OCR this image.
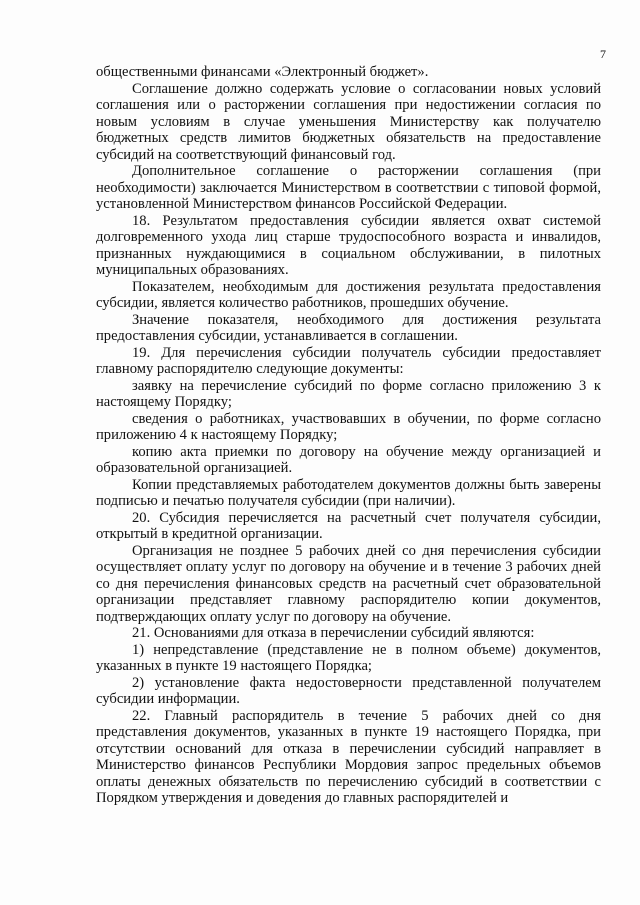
7

общественными финансами «Электронный бюджет».

Соглашение должно содержать условие о согласовании новых условий соглашения или о расторжении соглашения при недостижении согласия по новым условиям в случае уменьшения Министерству как получателю бюджетных средств лимитов бюджетных обязательств на предоставление субсидий на соответствующий финансовый год.

Дополнительное соглашение о расторжении соглашения (при необходимости) заключается Министерством в соответствии с типовой формой, установленной Министерством финансов Российской Федерации.

18. Результатом предоставления субсидии является охват системой долговременного ухода лиц старше трудоспособного возраста и инвалидов, признанных нуждающимися в социальном обслуживании, в пилотных муниципальных образованиях.

Показателем, необходимым для достижения результата предоставления субсидии, является количество работников, прошедших обучение.

Значение показателя, необходимого для достижения результата предоставления субсидии, устанавливается в соглашении.

19. Для перечисления субсидии получатель субсидии предоставляет главному распорядителю следующие документы:

заявку на перечисление субсидий по форме согласно приложению 3 к настоящему Порядку;

сведения о работниках, участвовавших в обучении, по форме согласно приложению 4 к настоящему Порядку;

копию акта приемки по договору на обучение между организацией и образовательной организацией.

Копии представляемых работодателем документов должны быть заверены подписью и печатью получателя субсидии (при наличии).

20. Субсидия перечисляется на расчетный счет получателя субсидии, открытый в кредитной организации.

Организация не позднее 5 рабочих дней со дня перечисления субсидии осуществляет оплату услуг по договору на обучение и в течение 3 рабочих дней со дня перечисления финансовых средств на расчетный счет образовательной организации представляет главному распорядителю копии документов, подтверждающих оплату услуг по договору на обучение.

21. Основаниями для отказа в перечислении субсидий являются:

1) непредставление (представление не в полном объеме) документов, указанных в пункте 19 настоящего Порядка;

2) установление факта недостоверности представленной получателем субсидии информации.

22. Главный распорядитель в течение 5 рабочих дней со дня представления документов, указанных в пункте 19 настоящего Порядка, при отсутствии оснований для отказа в перечислении субсидий направляет в Министерство финансов Республики Мордовия запрос предельных объемов оплаты денежных обязательств по перечислению субсидий в соответствии с Порядком утверждения и доведения до главных распорядителей и
